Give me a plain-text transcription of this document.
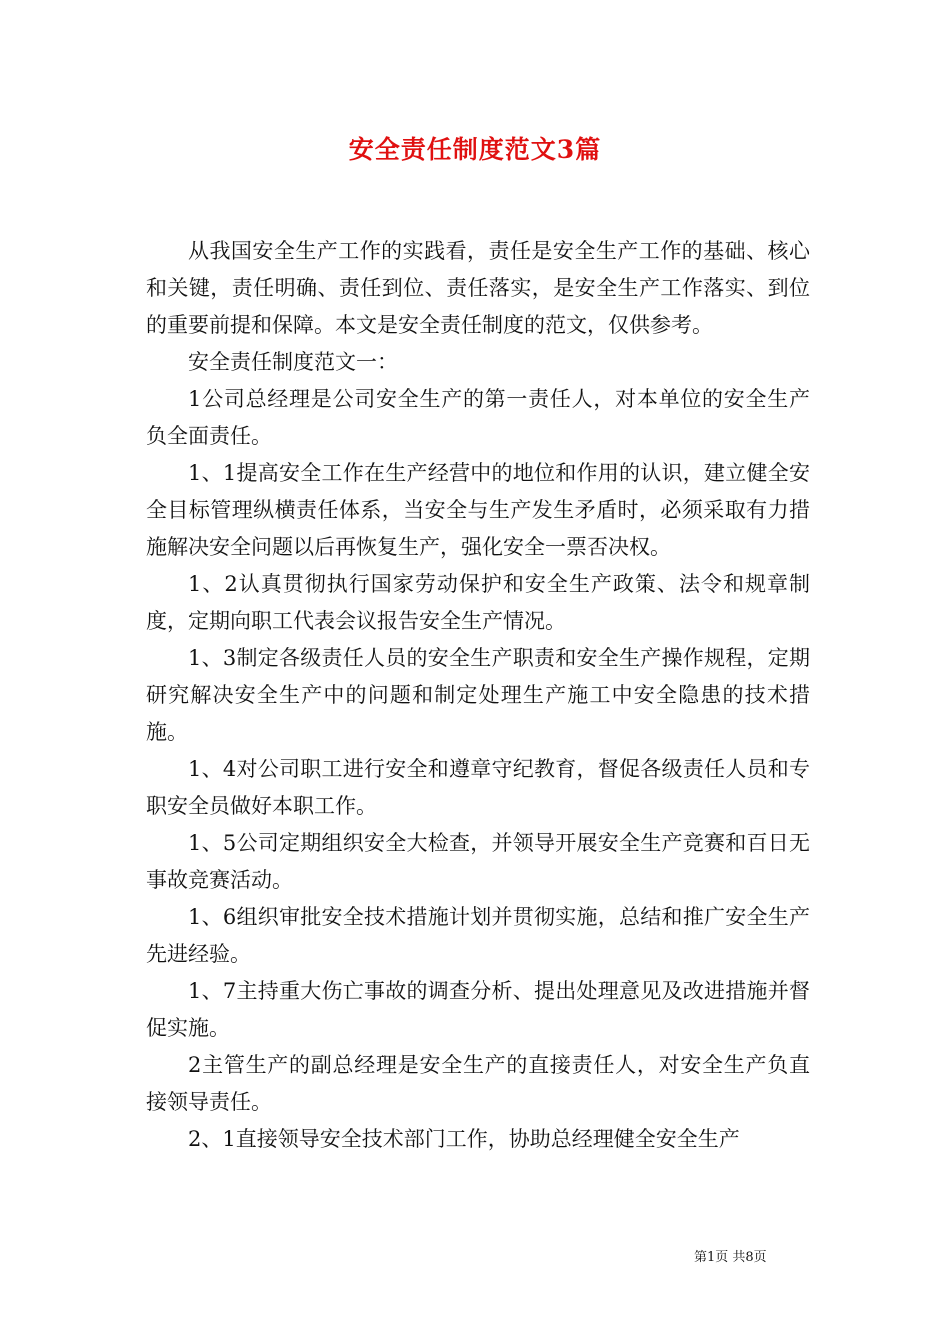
安全责任制度范文3篇

从我国安全生产工作的实践看，责任是安全生产工作的基础、核心和关键，责任明确、责任到位、责任落实，是安全生产工作落实、到位的重要前提和保障。本文是安全责任制度的范文，仅供参考。

安全责任制度范文一：

1公司总经理是公司安全生产的第一责任人，对本单位的安全生产负全面责任。

1、1提高安全工作在生产经营中的地位和作用的认识，建立健全安全目标管理纵横责任体系，当安全与生产发生矛盾时，必须采取有力措施解决安全问题以后再恢复生产，强化安全一票否决权。

1、2认真贯彻执行国家劳动保护和安全生产政策、法令和规章制度，定期向职工代表会议报告安全生产情况。

1、3制定各级责任人员的安全生产职责和安全生产操作规程，定期研究解决安全生产中的问题和制定处理生产施工中安全隐患的技术措施。

1、4对公司职工进行安全和遵章守纪教育，督促各级责任人员和专职安全员做好本职工作。

1、5公司定期组织安全大检查，并领导开展安全生产竞赛和百日无事故竞赛活动。

1、6组织审批安全技术措施计划并贯彻实施，总结和推广安全生产先进经验。

1、7主持重大伤亡事故的调查分析、提出处理意见及改进措施并督促实施。

2主管生产的副总经理是安全生产的直接责任人，对安全生产负直接领导责任。

2、1直接领导安全技术部门工作，协助总经理健全安全生产

第1页 共8页
